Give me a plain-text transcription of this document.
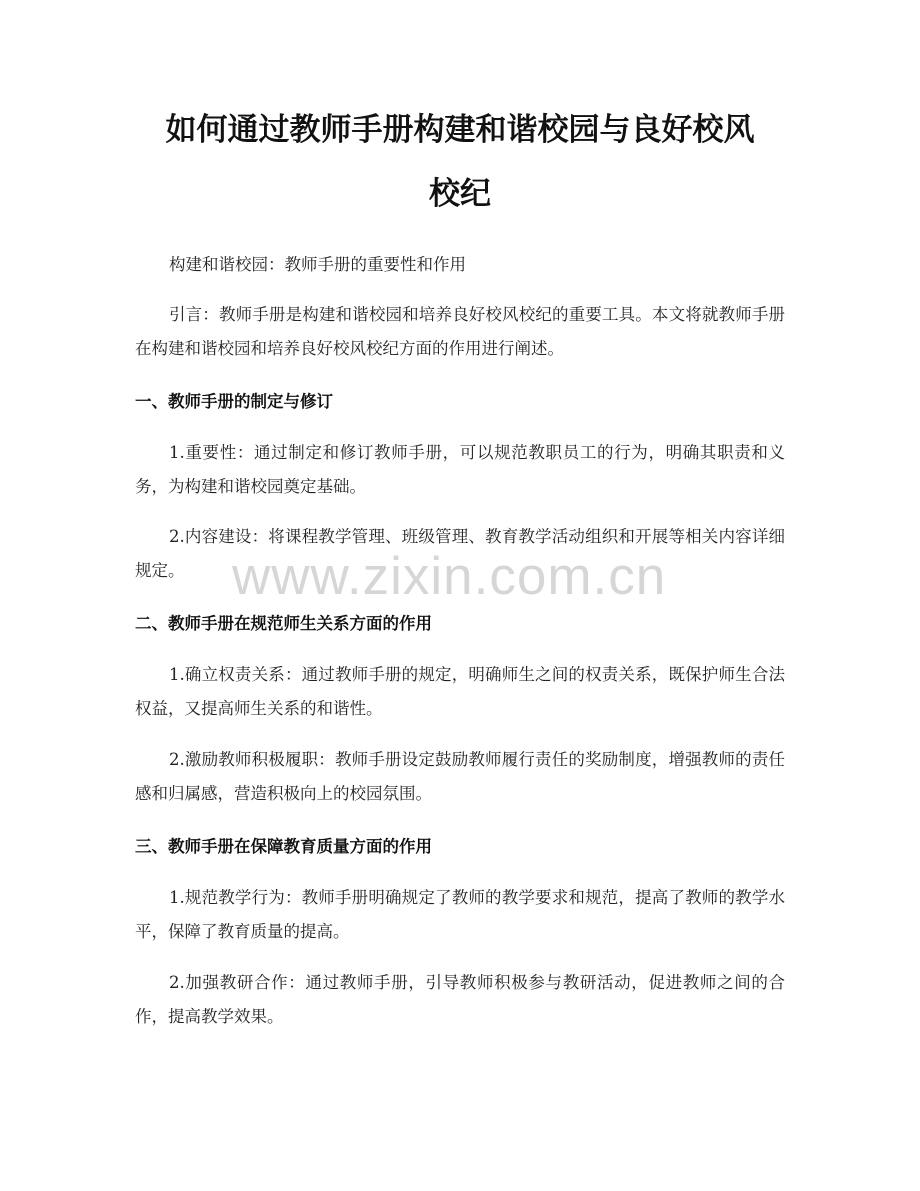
如何通过教师手册构建和谐校园与良好校风
校纪

构建和谐校园：教师手册的重要性和作用

引言：教师手册是构建和谐校园和培养良好校风校纪的重要工具。本文将就教师手册在构建和谐校园和培养良好校风校纪方面的作用进行阐述。

一、教师手册的制定与修订

1.重要性：通过制定和修订教师手册，可以规范教职员工的行为，明确其职责和义务，为构建和谐校园奠定基础。

2.内容建设：将课程教学管理、班级管理、教育教学活动组织和开展等相关内容详细规定。

二、教师手册在规范师生关系方面的作用

1.确立权责关系：通过教师手册的规定，明确师生之间的权责关系，既保护师生合法权益，又提高师生关系的和谐性。

2.激励教师积极履职：教师手册设定鼓励教师履行责任的奖励制度，增强教师的责任感和归属感，营造积极向上的校园氛围。

三、教师手册在保障教育质量方面的作用

1.规范教学行为：教师手册明确规定了教师的教学要求和规范，提高了教师的教学水平，保障了教育质量的提高。

2.加强教研合作：通过教师手册，引导教师积极参与教研活动，促进教师之间的合作，提高教学效果。

www.zixin.com.cn
